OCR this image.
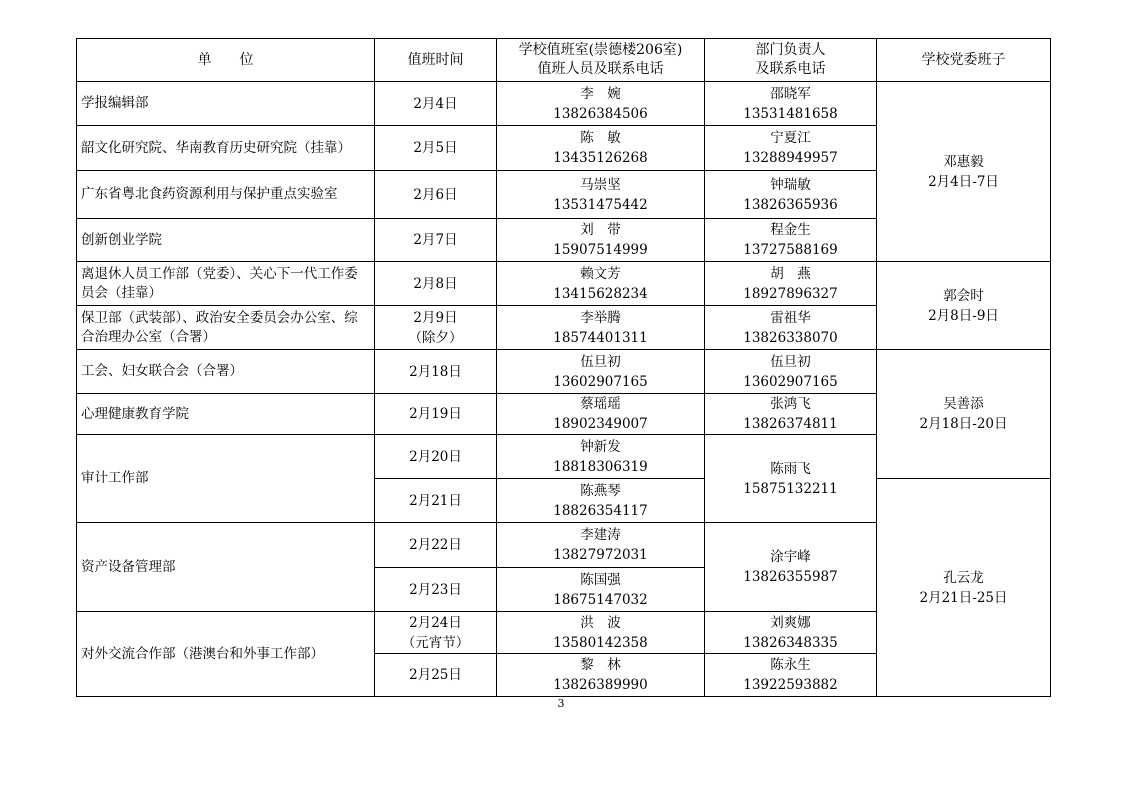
单　　位	值班时间	学校值班室(崇德楼206室)
值班人员及联系电话	部门负责人
及联系电话	学校党委班子
学报编辑部	2月4日	李　婉
13826384506	邵晓军
13531481658	邓惠毅
2月4日-7日

韶文化研究院、华南教育历史研究院（挂靠）	2月5日	陈　敏
13435126268	宁夏江
13288949957	

广东省粤北食药资源利用与保护重点实验室	2月6日	马崇坚
13531475442	钟瑞敏
13826365936	

创新创业学院	2月7日	刘　带
15907514999	程金生
13727588169	

离退休人员工作部（党委）、关心下一代工作委员会（挂靠）	2月8日	赖文芳
13415628234	胡　燕
18927896327	郭会时
2月8日-9日

保卫部（武装部）、政治安全委员会办公室、综合治理办公室（合署）	2月9日
（除夕）	李举腾
18574401311	雷祖华
13826338070	

工会、妇女联合会（合署）	2月18日	伍旦初
13602907165	伍旦初
13602907165	吴善添
2月18日-20日

心理健康教育学院	2月19日	蔡瑶瑶
18902349007	张鸿飞
13826374811	

审计工作部	2月20日	钟新发
18818306319	陈雨飞
15875132211	

	2月21日	陈燕琴
18826354117		孔云龙
2月21日-25日

资产设备管理部	2月22日	李建涛
13827972031	涂宇峰
13826355987	

	2月23日	陈国强
18675147032		

对外交流合作部（港澳台和外事工作部）	2月24日
（元宵节）	洪　波
13580142358	刘爽娜
13826348335	

	2月25日	黎　林
13826389990	陈永生
13922593882	
3
